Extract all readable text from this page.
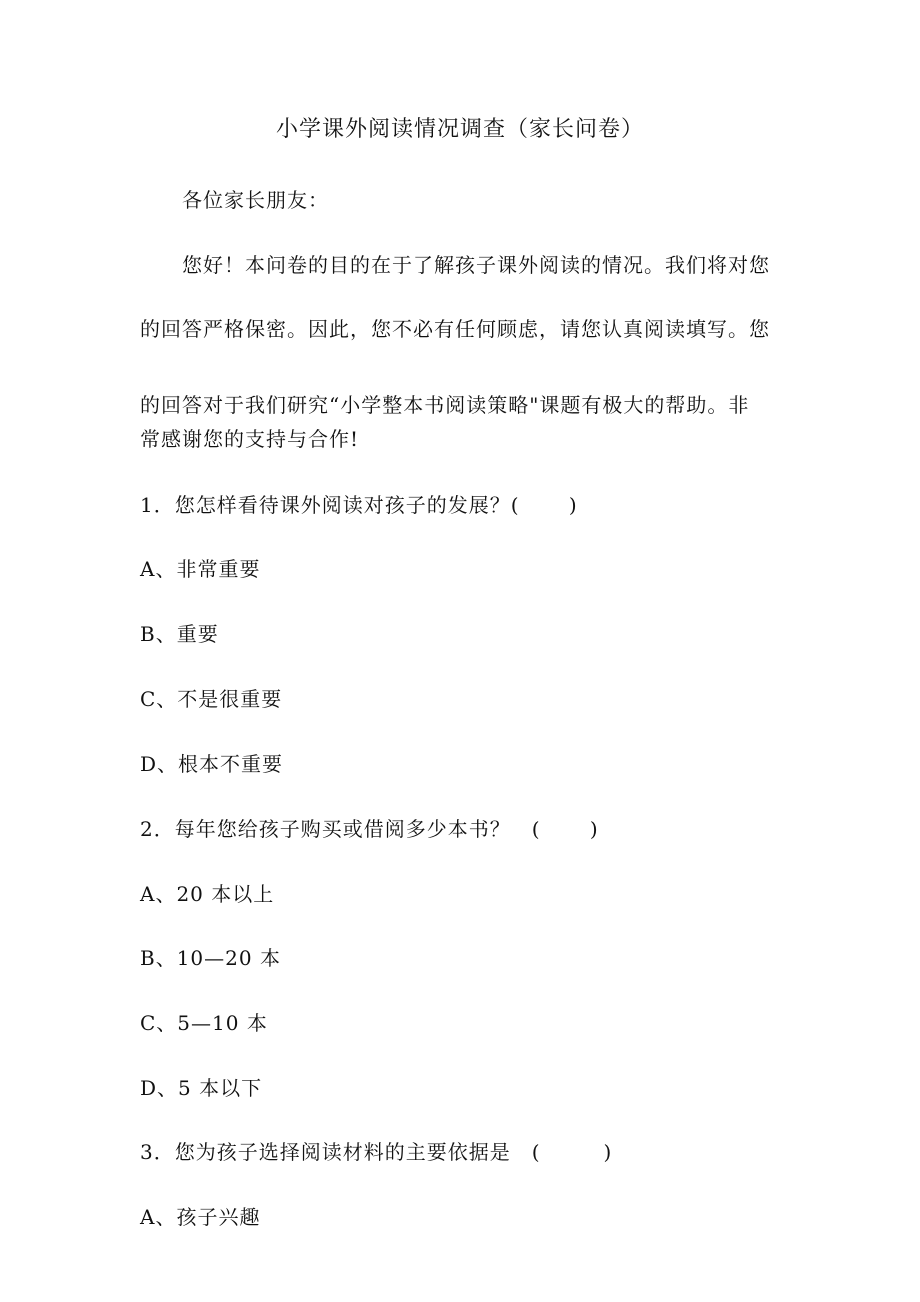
小学课外阅读情况调查（家长问卷）
各位家长朋友：
您好！本问卷的目的在于了解孩子课外阅读的情况。我们将对您
的回答严格保密。因此，您不必有任何顾虑，请您认真阅读填写。您
的回答对于我们研究“小学整本书阅读策略"课题有极大的帮助。非
常感谢您的支持与合作!
1．您怎样看待课外阅读对孩子的发展？(　　 )
A、非常重要
B、重要
C、不是很重要
D、根本不重要
2．每年您给孩子购买或借阅多少本书？　(　　 )
A、20 本以上
B、10—20 本
C、5—10 本
D、5 本以下
3．您为孩子选择阅读材料的主要依据是　(　　　)
A、孩子兴趣
